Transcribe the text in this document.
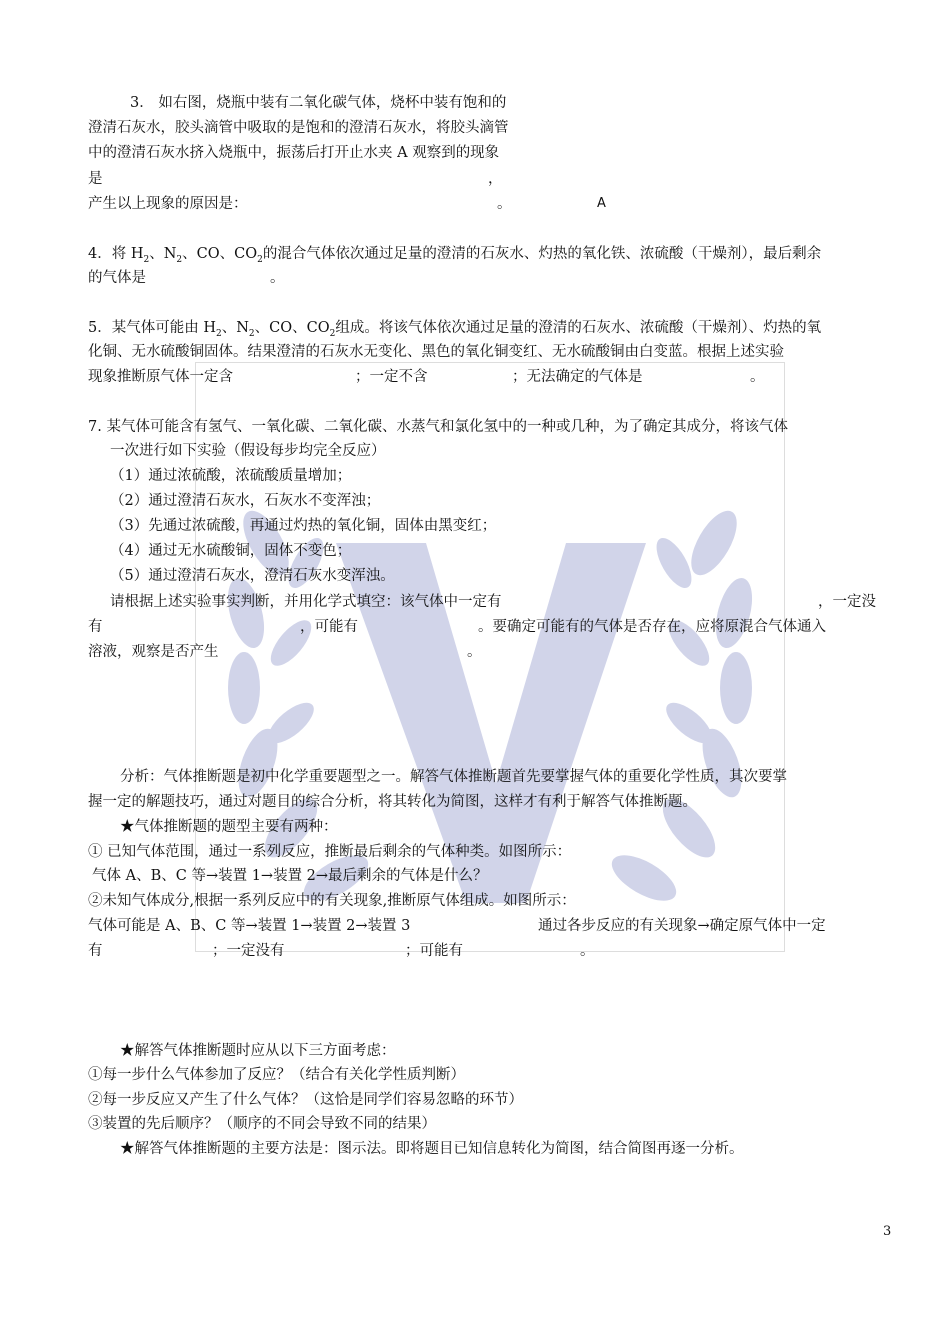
3． 如右图，烧瓶中装有二氧化碳气体，烧杯中装有饱和的
澄清石灰水，胶头滴管中吸取的是饱和的澄清石灰水，将胶头滴管
中的澄清石灰水挤入烧瓶中，振荡后打开止水夹 A 观察到的现象
是	，
产生以上现象的原因是：	。	A
4．将 $H_2$、$N_2$、CO、$CO_2$的混合气体依次通过足量的澄清的石灰水、灼热的氧化铁、浓硫酸（干燥剂），最后剩余
的气体是	。
5．某气体可能由 $H_2$、$N_2$、CO、$CO_2$组成。将该气体依次通过足量的澄清的石灰水、浓硫酸（干燥剂）、灼热的氧
化铜、无水硫酸铜固体。结果澄清的石灰水无变化、黑色的氧化铜变红、无水硫酸铜由白变蓝。根据上述实验
现象推断原气体一定含	；一定不含	；无法确定的气体是	。
7. 某气体可能含有氢气、一氧化碳、二氧化碳、水蒸气和氯化氢中的一种或几种，为了确定其成分，将该气体
一次进行如下实验（假设每步均完全反应）
（1）通过浓硫酸，浓硫酸质量增加；
（2）通过澄清石灰水，石灰水不变浑浊；
（3）先通过浓硫酸，再通过灼热的氧化铜，固体由黑变红；
（4）通过无水硫酸铜，固体不变色；
（5）通过澄清石灰水，澄清石灰水变浑浊。
请根据上述实验事实判断，并用化学式填空：该气体中一定有	，一定没
有	，可能有	。要确定可能有的气体是否存在，应将原混合气体通入
溶液，观察是否产生	。
分析：气体推断题是初中化学重要题型之一。解答气体推断题首先要掌握气体的重要化学性质，其次要掌
握一定的解题技巧，通过对题目的综合分析，将其转化为简图，这样才有利于解答气体推断题。
★气体推断题的题型主要有两种：
① 已知气体范围，通过一系列反应，推断最后剩余的气体种类。如图所示：
气体 A、B、C 等→装置 1→装置 2→最后剩余的气体是什么？
②未知气体成分,根据一系列反应中的有关现象,推断原气体组成。如图所示：
气体可能是 A、B、C 等→装置 1→装置 2→装置 3	通过各步反应的有关现象→确定原气体中一定
有	；一定没有	；可能有	。
★解答气体推断题时应从以下三方面考虑：
①每一步什么气体参加了反应？（结合有关化学性质判断）
②每一步反应又产生了什么气体？（这恰是同学们容易忽略的环节）
③装置的先后顺序？（顺序的不同会导致不同的结果）
★解答气体推断题的主要方法是：图示法。即将题目已知信息转化为简图，结合简图再逐一分析。
3
